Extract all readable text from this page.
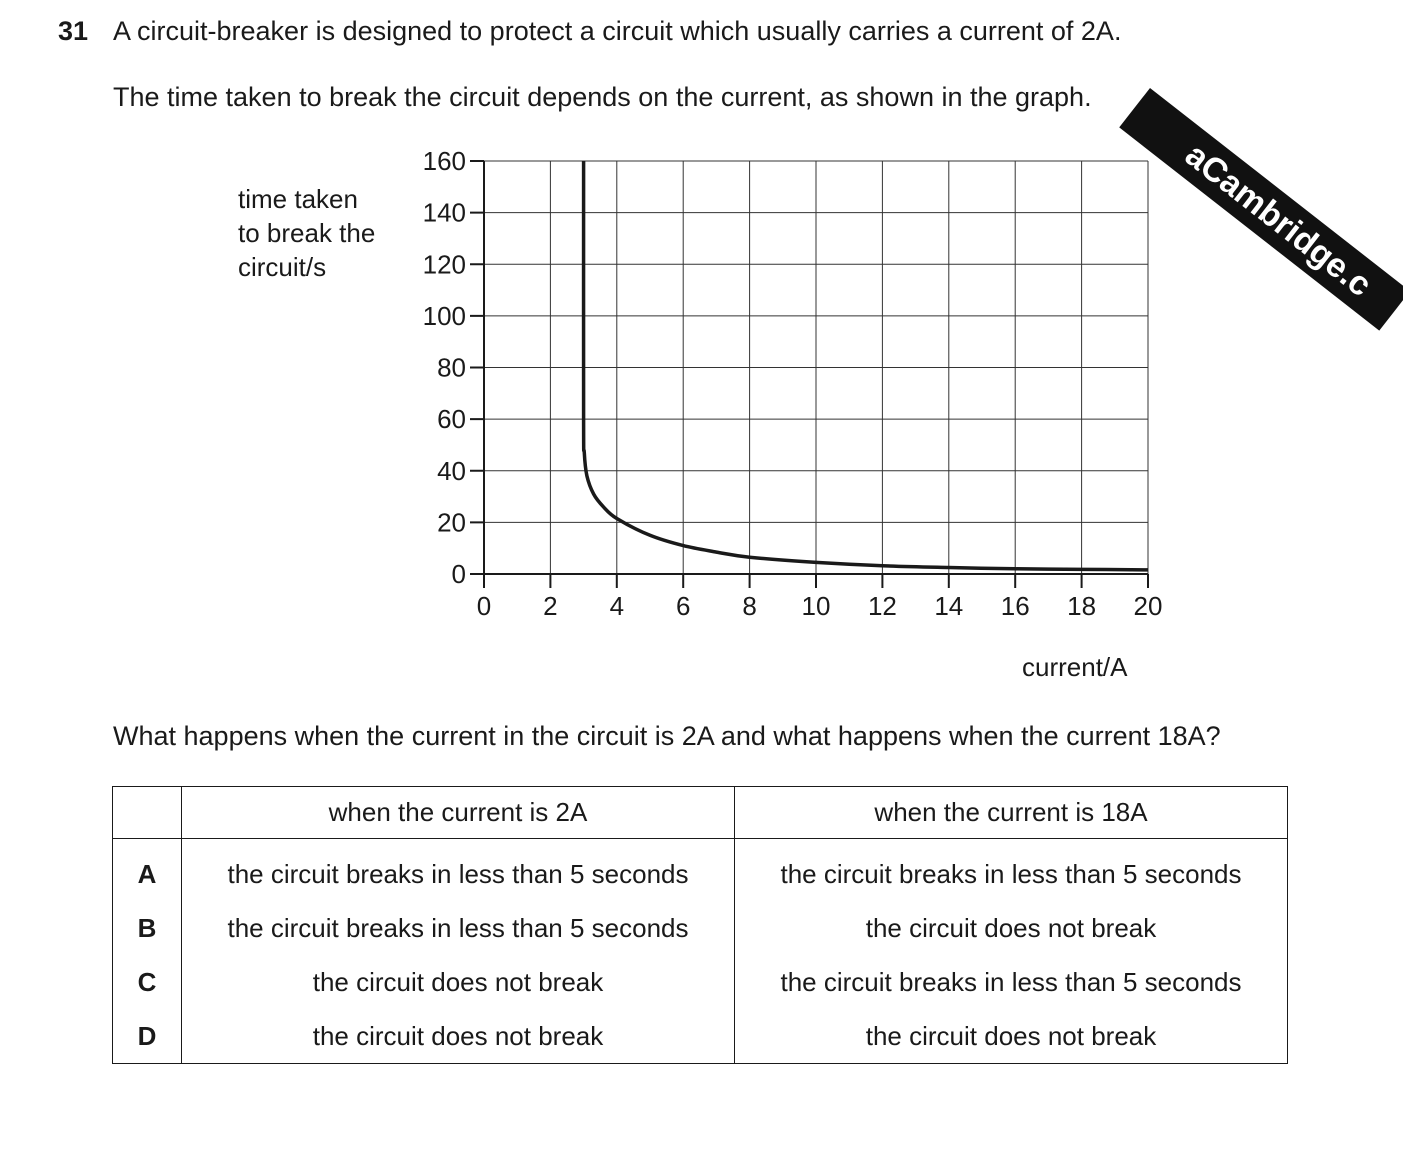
31 A circuit-breaker is designed to protect a circuit which usually carries a current of 2A.
The time taken to break the circuit depends on the current, as shown in the graph.
time taken
to break the
circuit/s
0
20
40
60
80
100
120
140
160
0 2 4 6 8 10 12 14 16 18 20
current/A
What happens when the current in the circuit is 2A and what happens when the current 18A?
	when the current is 2A	when the current is 18A
A	the circuit breaks in less than 5 seconds	the circuit breaks in less than 5 seconds
B	the circuit breaks in less than 5 seconds	the circuit does not break
C	the circuit does not break	the circuit breaks in less than 5 seconds
D	the circuit does not break	the circuit does not break
aCambridge.c
